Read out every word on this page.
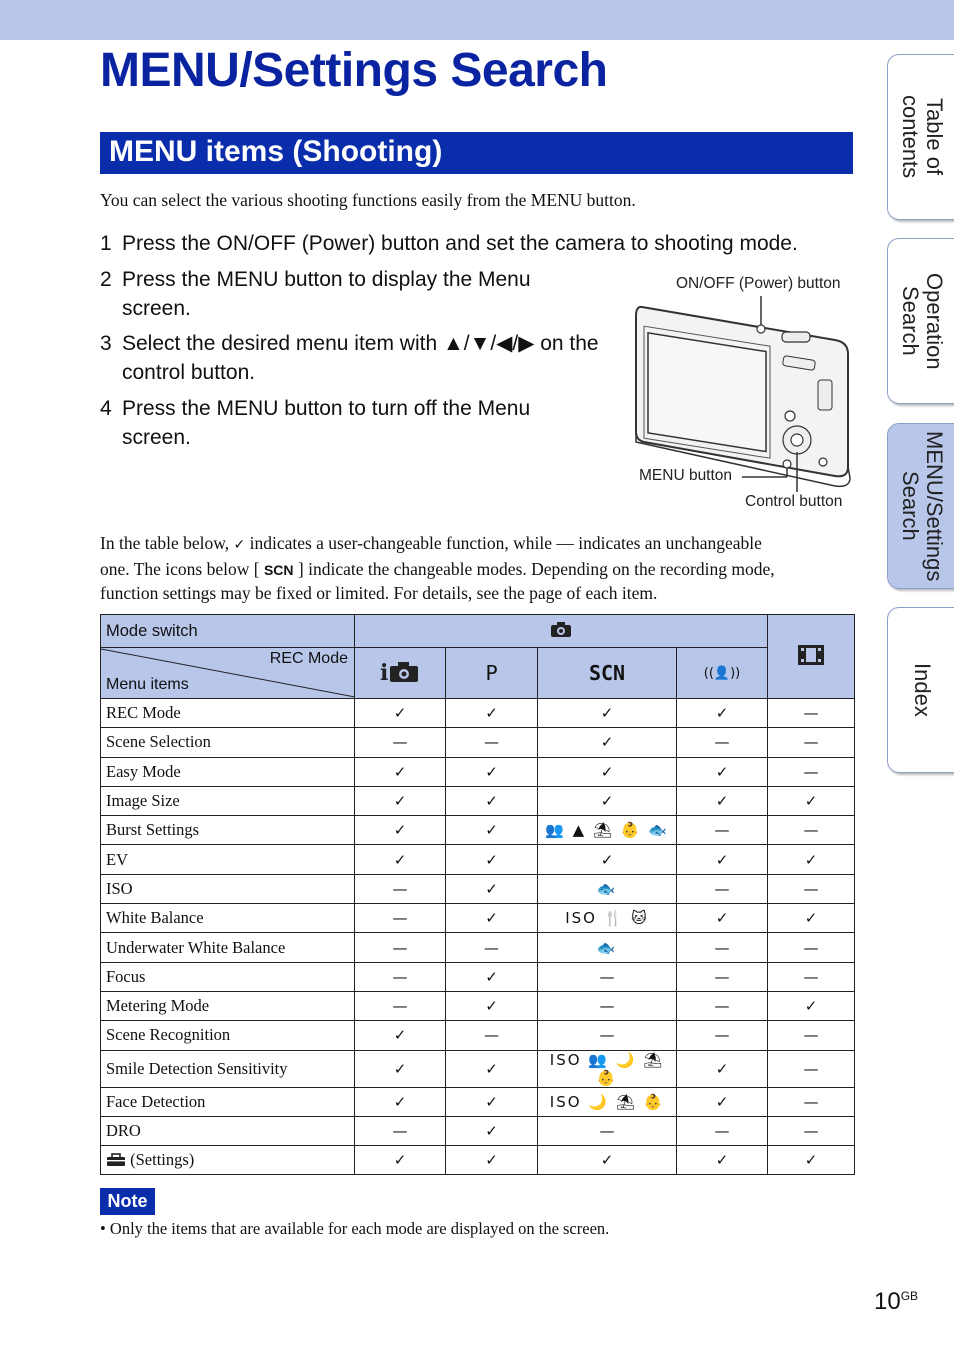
MENU/Settings Search
MENU items (Shooting)
You can select the various shooting functions easily from the MENU button.
1 Press the ON/OFF (Power) button and set the camera to shooting mode.
2 Press the MENU button to display the Menu
screen.
3 Select the desired menu item with ▲/▼/◀/▶ on the
control button.
4 Press the MENU button to turn off the Menu
screen.
ON/OFF (Power) button
MENU button
Control button

In the table below, ✓ indicates a user-changeable function, while — indicates an unchangeable

one. The icons below [ SCN ] indicate the changeable modes. Depending on the recording mode,

function settings may be fixed or limited. For details, see the page of each item.

Mode switch		

REC Mode
Menu items	i	P	SCN	((👤))	
REC Mode	✓	✓	✓	✓	—
Scene Selection	—	—	✓	—	—
Easy Mode	✓	✓	✓	✓	—
Image Size	✓	✓	✓	✓	✓
Burst Settings	✓	✓	👥 ▲ ⛱ 👶 🐟	—	—
EV	✓	✓	✓	✓	✓
ISO	—	✓	🐟	—	—
White Balance	—	✓	ISO 🍴 🐱	✓	✓
Underwater White Balance	—	—	🐟	—	—
Focus	—	✓	—	—	—
Metering Mode	—	✓	—	—	✓
Scene Recognition	✓	—	—	—	—
Smile Detection Sensitivity	✓	✓	ISO 👥 🌙 ⛱ 👶	✓	—
Face Detection	✓	✓	ISO 🌙 ⛱ 👶	✓	—
DRO	—	✓	—	—	—
(Settings)	✓	✓	✓	✓	✓
Note
• Only the items that are available for each mode are displayed on the screen.
$10^{GB}$
Table of contents
Operation Search
MENU/Settings Search
Index
